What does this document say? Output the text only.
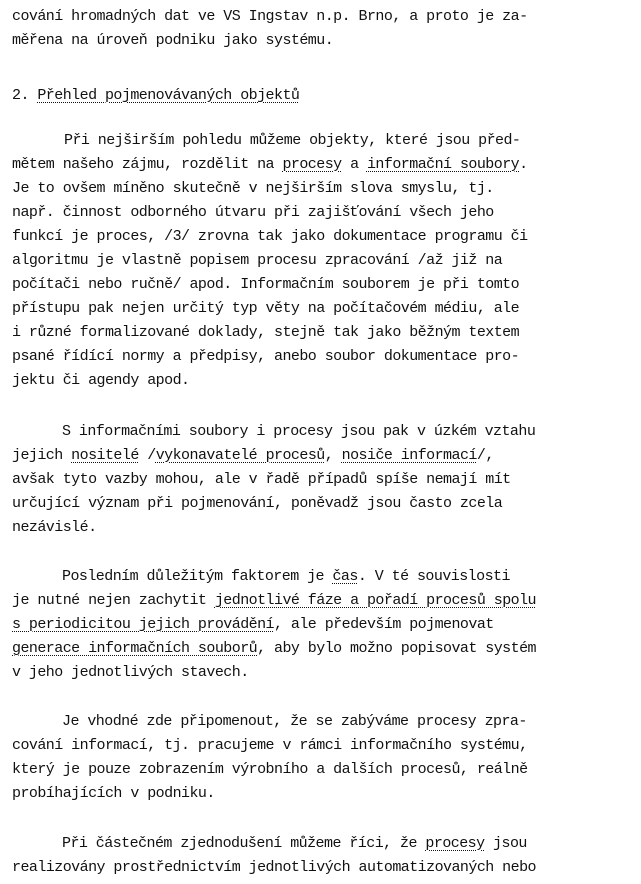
cování hromadných dat ve VS Ingstav n.p. Brno, a proto je za-

měřena na úroveň podniku jako systému.

2. Přehled pojmenovávaných objektů

Při nejširším pohledu můžeme objekty, které jsou před-

mětem našeho zájmu, rozdělit na procesy a informační soubory.

Je to ovšem míněno skutečně v nejširším slova smyslu, tj.

např. činnost odborného útvaru při zajišťování všech jeho

funkcí je proces, /3/ zrovna tak jako dokumentace programu či

algoritmu je vlastně popisem procesu zpracování /až již na

počítači nebo ručně/ apod. Informačním souborem je při tomto

přístupu pak nejen určitý typ věty na počítačovém médiu, ale

i různé formalizované doklady, stejně tak jako běžným textem

psané řídící normy a předpisy, anebo soubor dokumentace pro-

jektu či agendy apod.

S informačními soubory i procesy jsou pak v úzkém vztahu

jejich nositelé /vykonavatelé procesů, nosiče informací/,

avšak tyto vazby mohou, ale v řadě případů spíše nemají mít

určující význam při pojmenování, poněvadž jsou často zcela

nezávislé.

Posledním důležitým faktorem je čas. V té souvislosti

je nutné nejen zachytit jednotlivé fáze a pořadí procesů spolu

s periodicitou jejich provádění, ale především pojmenovat

generace informačních souborů, aby bylo možno popisovat systém

v jeho jednotlivých stavech.

Je vhodné zde připomenout, že se zabýváme procesy zpra-

cování informací, tj. pracujeme v rámci informačního systému,

který je pouze zobrazením výrobního a dalších procesů, reálně

probíhajících v podniku.

Při částečném zjednodušení můžeme říci, že procesy jsou

realizovány prostřednictvím jednotlivých automatizovaných nebo
